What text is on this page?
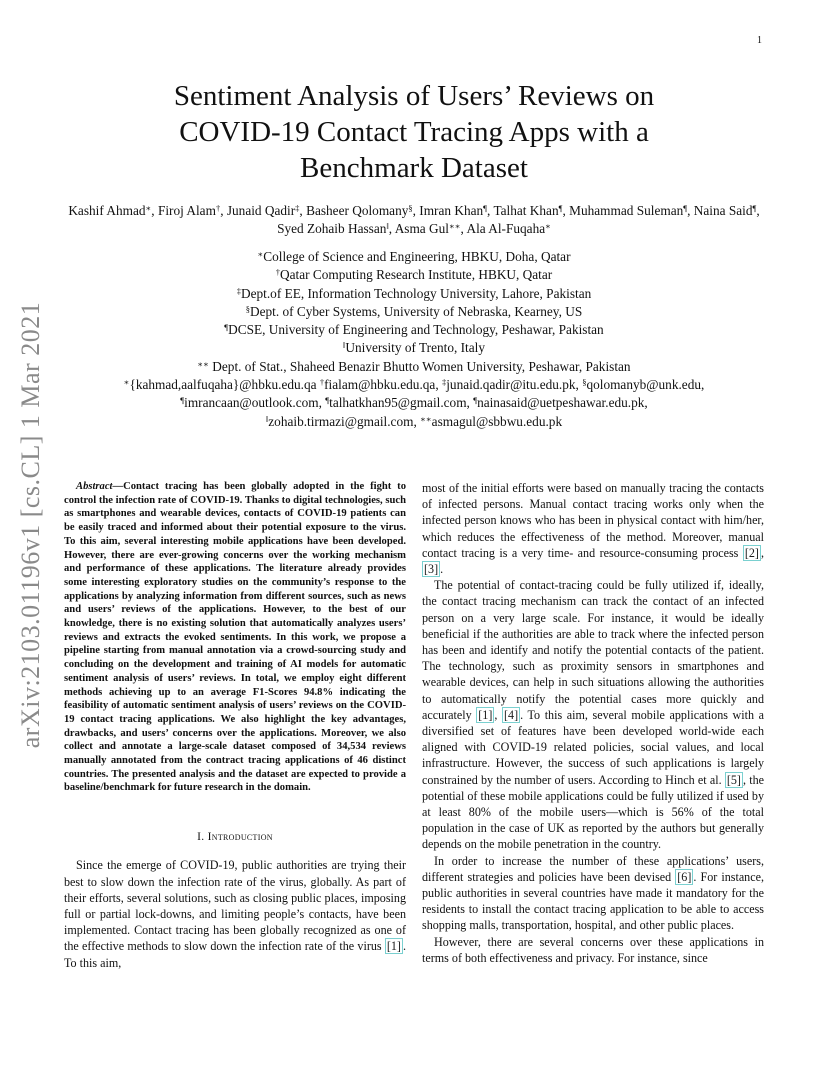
1
arXiv:2103.01196v1 [cs.CL] 1 Mar 2021
Sentiment Analysis of Users’ Reviews on
COVID-19 Contact Tracing Apps with a
Benchmark Dataset
Kashif Ahmad∗, Firoj Alam†, Junaid Qadir‡, Basheer Qolomany§, Imran Khan¶, Talhat Khan¶, Muhammad Suleman¶, Naina Said¶, Syed Zohaib Hassan‖, Asma Gul∗∗, Ala Al-Fuqaha∗
∗College of Science and Engineering, HBKU, Doha, Qatar
†Qatar Computing Research Institute, HBKU, Qatar
‡Dept.of EE, Information Technology University, Lahore, Pakistan
§Dept. of Cyber Systems, University of Nebraska, Kearney, US
¶DCSE, University of Engineering and Technology, Peshawar, Pakistan
‖University of Trento, Italy
∗∗ Dept. of Stat., Shaheed Benazir Bhutto Women University, Peshawar, Pakistan
∗{kahmad,aalfuqaha}@hbku.edu.qa †fialam@hbku.edu.qa, ‡junaid.qadir@itu.edu.pk, §qolomanyb@unk.edu,
¶imrancaan@outlook.com, ¶talhatkhan95@gmail.com, ¶nainasaid@uetpeshawar.edu.pk,
‖zohaib.tirmazi@gmail.com, ∗∗asmagul@sbbwu.edu.pk

Abstract—Contact tracing has been globally adopted in the fight to control the infection rate of COVID-19. Thanks to digital technologies, such as smartphones and wearable devices, contacts of COVID-19 patients can be easily traced and informed about their potential exposure to the virus. To this aim, several interesting mobile applications have been developed. However, there are ever-growing concerns over the working mechanism and performance of these applications. The literature already provides some interesting exploratory studies on the community’s response to the applications by analyzing information from different sources, such as news and users’ reviews of the applications. However, to the best of our knowledge, there is no existing solution that automatically analyzes users’ reviews and extracts the evoked sentiments. In this work, we propose a pipeline starting from manual annotation via a crowd-sourcing study and concluding on the development and training of AI models for automatic sentiment analysis of users’ reviews. In total, we employ eight different methods achieving up to an average F1-Scores 94.8% indicating the feasibility of automatic sentiment analysis of users’ reviews on the COVID-19 contact tracing applications. We also highlight the key advantages, drawbacks, and users’ concerns over the applications. Moreover, we also collect and annotate a large-scale dataset composed of 34,534 reviews manually annotated from the contract tracing applications of 46 distinct countries. The presented analysis and the dataset are expected to provide a baseline/benchmark for future research in the domain.

I. Introduction

Since the emerge of COVID-19, public authorities are trying their best to slow down the infection rate of the virus, globally. As part of their efforts, several solutions, such as closing public places, imposing full or partial lock-downs, and limiting people’s contacts, have been implemented. Contact tracing has been globally recognized as one of the effective methods to slow down the infection rate of the virus [1] . To this aim,

most of the initial efforts were based on manually tracing the contacts of infected persons. Manual contact tracing works only when the infected person knows who has been in physical contact with him/her, which reduces the effectiveness of the method. Moreover, manual contact tracing is a very time- and resource-consuming process [2] , [3] .

The potential of contact-tracing could be fully utilized if, ideally, the contact tracing mechanism can track the contact of an infected person on a very large scale. For instance, it would be ideally beneficial if the authorities are able to track where the infected person has been and identify and notify the potential contacts of the patient. The technology, such as proximity sensors in smartphones and wearable devices, can help in such situations allowing the authorities to automatically notify the potential cases more quickly and accurately [1] , [4] . To this aim, several mobile applications with a diversified set of features have been developed world-wide each aligned with COVID-19 related policies, social values, and local infrastructure. However, the success of such applications is largely constrained by the number of users. According to Hinch et al. [5] , the potential of these mobile applications could be fully utilized if used by at least 80% of the mobile users—which is 56% of the total population in the case of UK as reported by the authors but generally depends on the mobile penetration in the country.

In order to increase the number of these applications’ users, different strategies and policies have been devised [6] . For instance, public authorities in several countries have made it mandatory for the residents to install the contact tracing application to be able to access shopping malls, transportation, hospital, and other public places.

However, there are several concerns over these applications in terms of both effectiveness and privacy. For instance, since
